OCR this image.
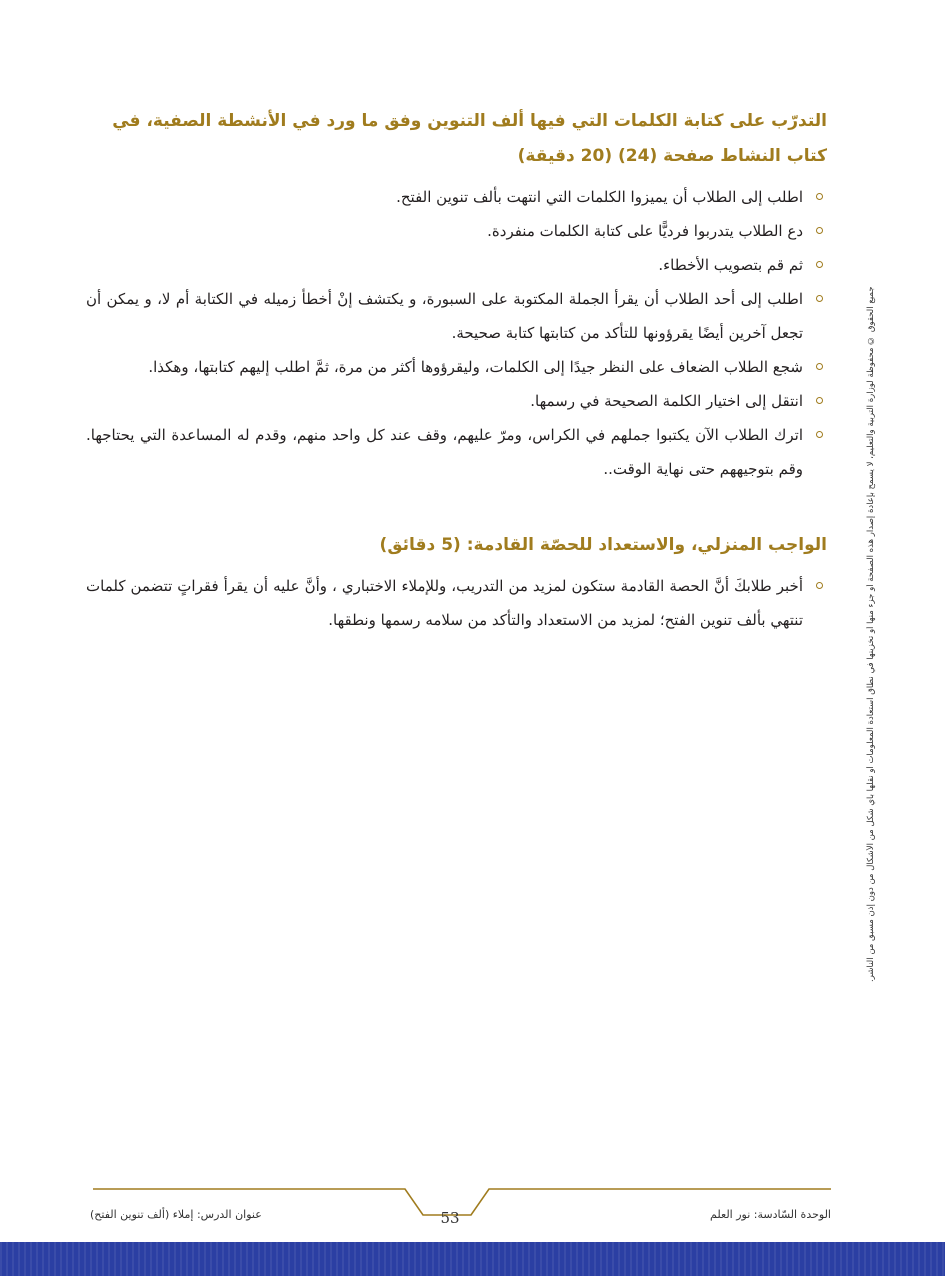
التدرّب على كتابة الكلمات التي فيها ألف التنوين وفق ما ورد في الأنشطة الصفية، في كتاب النشاط صفحة (24) (20 دقيقة)
اطلب إلى الطلاب أن يميزوا الكلمات التي انتهت بألف تنوين الفتح.
دع الطلاب يتدربوا فرديًّا على كتابة الكلمات منفردة.
ثم قم بتصويب الأخطاء.
اطلب إلى أحد الطلاب أن يقرأ الجملة المكتوبة على السبورة، و يكتشف إنْ أخطأ زميله في الكتابة أم لا، و يمكن أن تجعل آخرين أيضًا يقرؤونها للتأكد من كتابتها كتابة صحيحة.
شجع الطلاب الضعاف على النظر جيدًا إلى الكلمات، وليقرؤوها أكثر من مرة، ثمَّ اطلب إليهم كتابتها، وهكذا.
انتقل إلى اختيار الكلمة الصحيحة في رسمها.
اترك الطلاب الآن يكتبوا جملهم في الكراس، ومرّ عليهم، وقف عند كل واحد منهم، وقدم له المساعدة التي يحتاجها. وقم بتوجيههم حتى نهاية الوقت..
الواجب المنزلي، والاستعداد للحصّة القادمة: (5 دقائق)
أخبر طلابكَ أنَّ الحصة القادمة ستكون لمزيد من التدريب، وللإملاء الاختباري ، وأنَّ عليه أن يقرأ فقراتٍ تتضمن كلمات تنتهي بألف تنوين الفتح؛ لمزيد من الاستعداد والتأكد من سلامه رسمها ونطقها.	جميع الحقوق © محفوظة لوزارة التربية والتعليم، لا يسمح بإعادة إصدار هذه الصفحة أو جزء منها أو تخزينها في نطاق استعادة المعلومات أو نقلها بأي شكل من الأشكال من دون إذن مسبق من الناشر.
الوحدة السّادسة: نور العلم
53
عنوان الدرس: إملاء (ألف تنوين الفتح)
